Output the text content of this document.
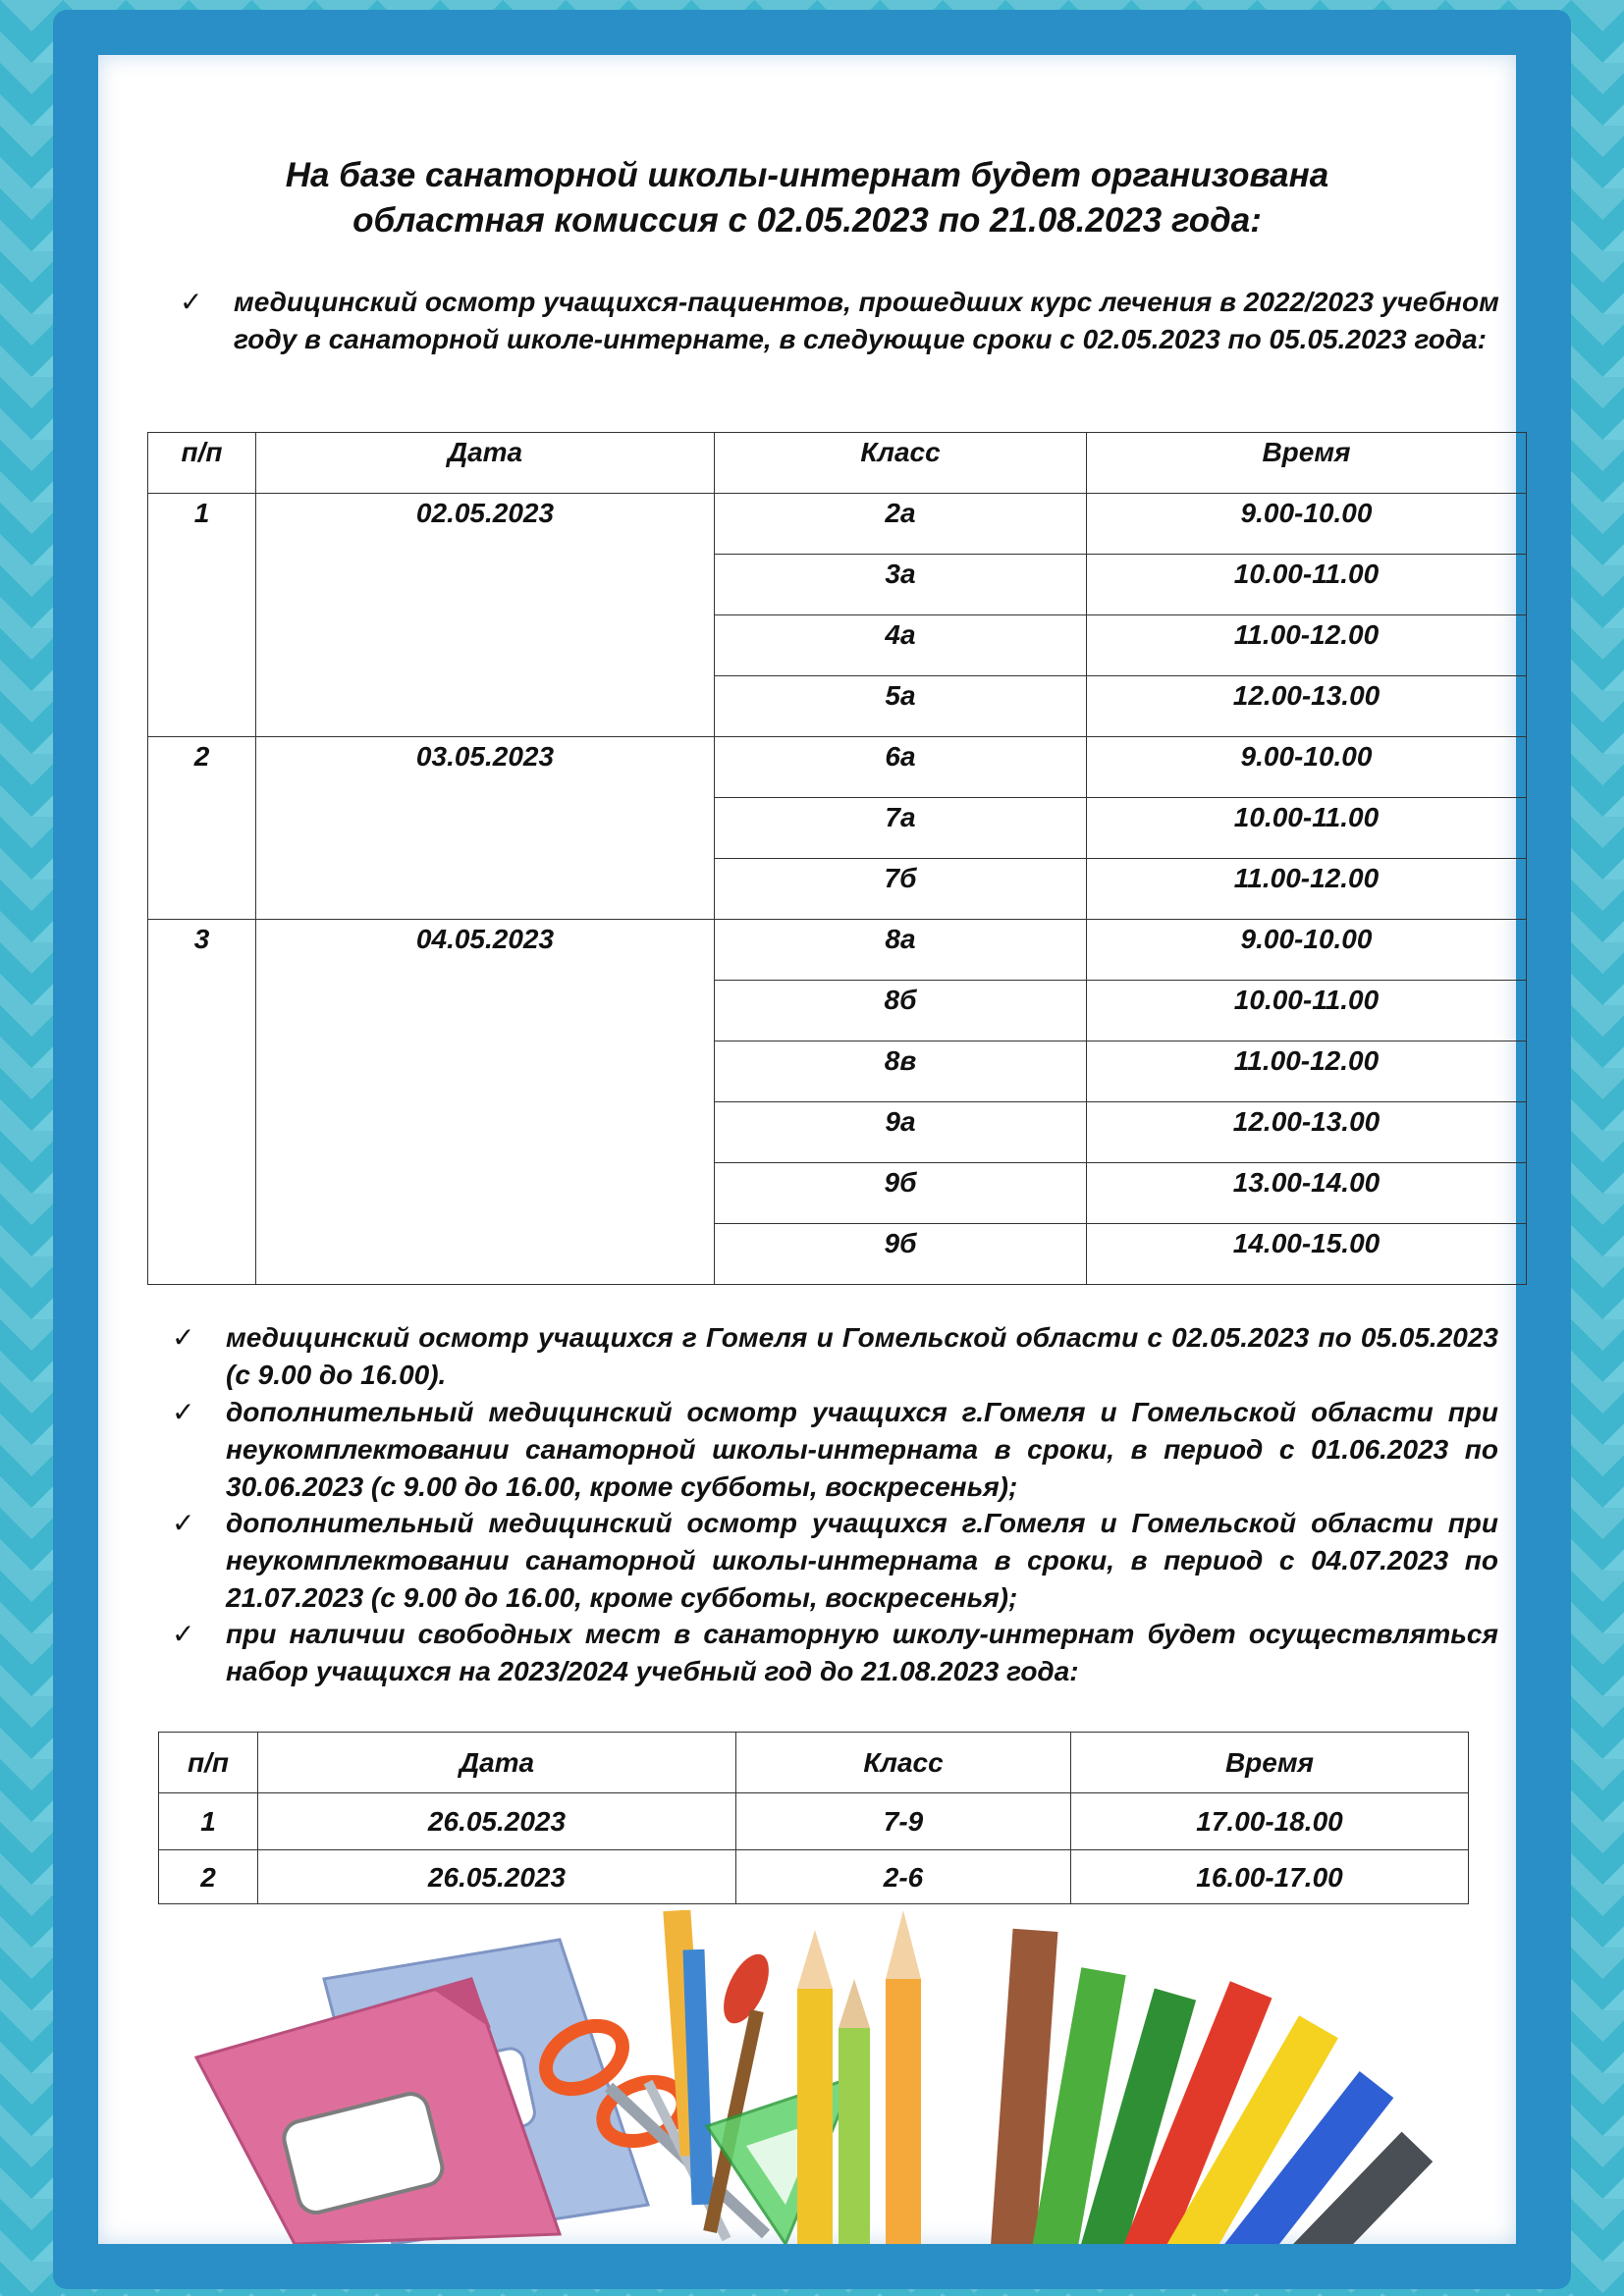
На базе санаторной школы-интернат будет организована
областная комиссия с 02.05.2023 по 21.08.2023 года:
✓ медицинский осмотр учащихся-пациентов, прошедших курс лечения в 2022/2023 учебном году в санаторной школе-интернате, в следующие сроки с 02.05.2023 по 05.05.2023 года:
п/п	Дата	Класс	Время
1	02.05.2023	2а	9.00-10.00
		3а	10.00-11.00
		4а	11.00-12.00
		5а	12.00-13.00
2	03.05.2023	6а	9.00-10.00
		7а	10.00-11.00
		7б	11.00-12.00
3	04.05.2023	8а	9.00-10.00
		8б	10.00-11.00
		8в	11.00-12.00
		9а	12.00-13.00
		9б	13.00-14.00
		9б	14.00-15.00
✓ медицинский осмотр учащихся г Гомеля и Гомельской области с 02.05.2023 по 05.05.2023 (с 9.00 до 16.00).
✓ дополнительный медицинский осмотр учащихся г.Гомеля и Гомельской области при неукомплектовании санаторной школы-интерната в сроки, в период с 01.06.2023 по 30.06.2023 (с 9.00 до 16.00, кроме субботы, воскресенья);
✓ дополнительный медицинский осмотр учащихся г.Гомеля и Гомельской области при неукомплектовании санаторной школы-интерната в сроки, в период с 04.07.2023 по 21.07.2023 (с 9.00 до 16.00, кроме субботы, воскресенья);
✓ при наличии свободных мест в санаторную школу-интернат будет осуществляться набор учащихся на 2023/2024 учебный год до 21.08.2023 года:
п/п	Дата	Класс	Время
1	26.05.2023	7-9	17.00-18.00
2	26.05.2023	2-6	16.00-17.00
